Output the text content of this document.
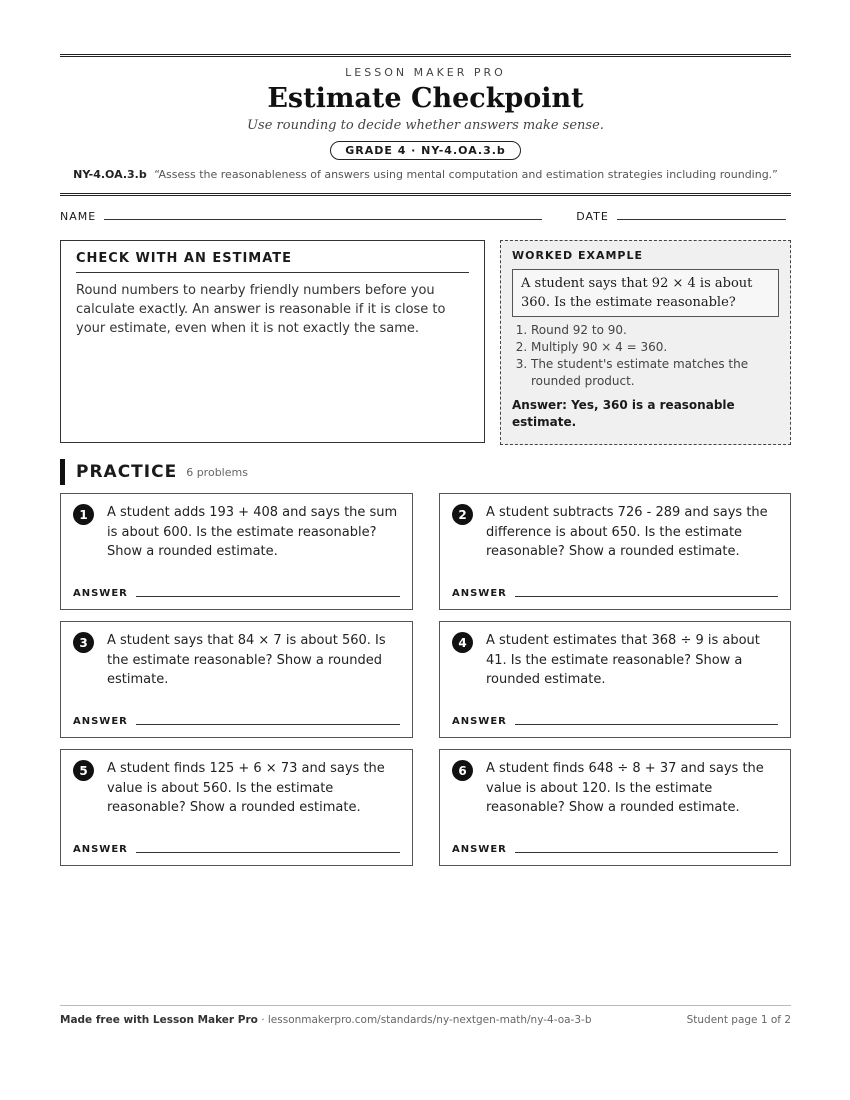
LESSON MAKER PRO
Estimate Checkpoint
Use rounding to decide whether answers make sense.
GRADE 4 · NY-4.OA.3.b
NY-4.OA.3.b “Assess the reasonableness of answers using mental computation and estimation strategies including rounding.”
NAME	DATE
CHECK WITH AN ESTIMATE

Round numbers to nearby friendly numbers before you calculate exactly. An answer is reasonable if it is close to your estimate, even when it is not exactly the same.

WORKED EXAMPLE
A student says that 92 × 4 is about 360. Is the estimate reasonable?
1. Round 92 to 90.
2. Multiply 90 × 4 = 360.
3. The student's estimate matches the rounded product.
Answer: Yes, 360 is a reasonable estimate.
PRACTICE 6 problems
1	A student adds 193 + 408 and says the sum is about 600. Is the estimate reasonable? Show a rounded estimate.
ANSWER
2	A student subtracts 726 - 289 and says the difference is about 650. Is the estimate reasonable? Show a rounded estimate.
ANSWER
3	A student says that 84 × 7 is about 560. Is the estimate reasonable? Show a rounded estimate.
ANSWER
4	A student estimates that 368 ÷ 9 is about 41. Is the estimate reasonable? Show a rounded estimate.
ANSWER
5	A student finds 125 + 6 × 73 and says the value is about 560. Is the estimate reasonable? Show a rounded estimate.
ANSWER
6	A student finds 648 ÷ 8 + 37 and says the value is about 120. Is the estimate reasonable? Show a rounded estimate.
ANSWER
Made free with Lesson Maker Pro · lessonmakerpro.com/standards/ny-nextgen-math/ny-4-oa-3-b	Student page 1 of 2
